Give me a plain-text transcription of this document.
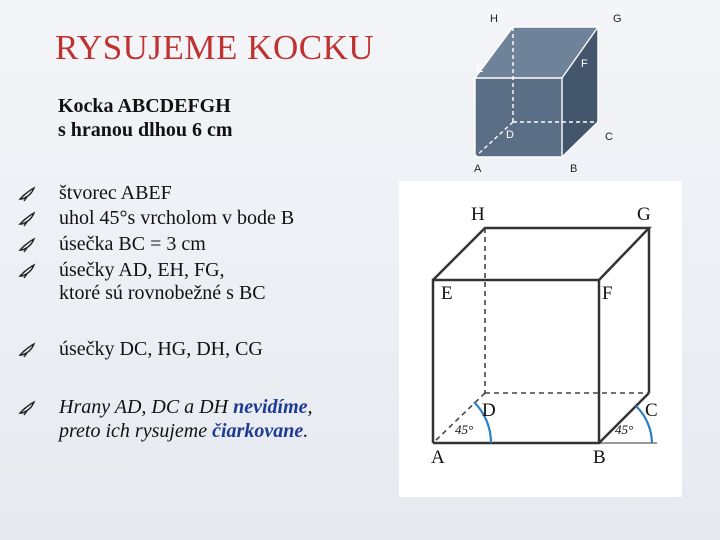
RYSUJEME KOCKU
Kocka ABCDEFGH
s hranou dlhou 6 cm
štvorec ABEF
uhol 45°s vrcholom v bode B
úsečka BC = 3 cm
úsečky AD, EH, FG,
ktoré sú rovnobežné s BC
úsečky DC, HG, DH, CG
Hrany AD, DC a DH nevidíme,
preto ich rysujeme čiarkovane.
H	G
E	F
D	C
A	B
45°	45°
H	G
E	F
D	C
A	B
